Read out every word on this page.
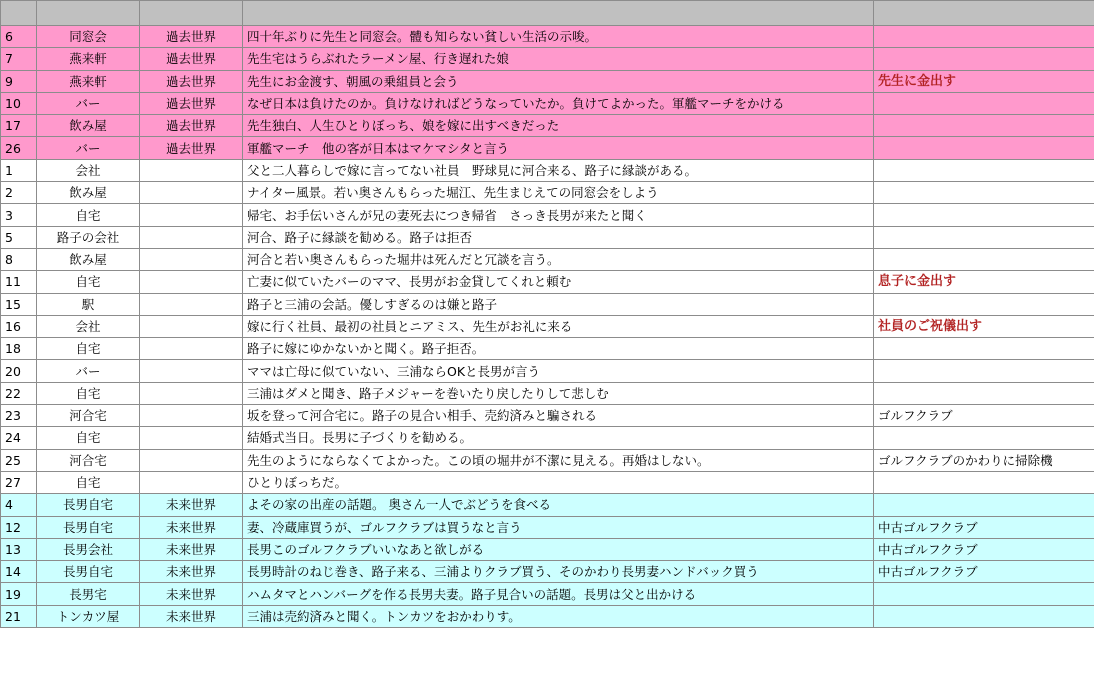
6	同窓会	過去世界	四十年ぶりに先生と同窓会。體も知らない貧しい生活の示唆。	
7	燕来軒	過去世界	先生宅はうらぶれたラーメン屋、行き遅れた娘	
9	燕来軒	過去世界	先生にお金渡す、朝風の乗組員と会う	先生に金出す
10	バー	過去世界	なぜ日本は負けたのか。負けなければどうなっていたか。負けてよかった。軍艦マーチをかける	
17	飲み屋	過去世界	先生独白、人生ひとりぼっち、娘を嫁に出すべきだった	
26	バー	過去世界	軍艦マーチ　他の客が日本はマケマシタと言う	
1	会社		父と二人暮らしで嫁に言ってない社員　野球見に河合来る、路子に縁談がある。	
2	飲み屋		ナイター風景。若い奥さんもらった堀江、先生まじえての同窓会をしよう	
3	自宅		帰宅、お手伝いさんが兄の妻死去につき帰省　さっき長男が来たと聞く	
5	路子の会社		河合、路子に縁談を勧める。路子は拒否	
8	飲み屋		河合と若い奥さんもらった堀井は死んだと冗談を言う。	
11	自宅		亡妻に似ていたバーのママ、長男がお金貸してくれと頼む	息子に金出す
15	駅		路子と三浦の会話。優しすぎるのは嫌と路子	
16	会社		嫁に行く社員、最初の社員とニアミス、先生がお礼に来る	社員のご祝儀出す
18	自宅		路子に嫁にゆかないかと聞く。路子拒否。	
20	バー		ママは亡母に似ていない、三浦ならOKと長男が言う	
22	自宅		三浦はダメと聞き、路子メジャーを巻いたり戻したりして悲しむ	
23	河合宅		坂を登って河合宅に。路子の見合い相手、売約済みと騙される	ゴルフクラブ
24	自宅		結婚式当日。長男に子づくりを勧める。	
25	河合宅		先生のようにならなくてよかった。この頃の堀井が不潔に見える。再婚はしない。	ゴルフクラブのかわりに掃除機
27	自宅		ひとりぼっちだ。	
4	長男自宅	未来世界	よその家の出産の話題。 奥さん一人でぶどうを食べる	
12	長男自宅	未来世界	妻、冷蔵庫買うが、ゴルフクラブは買うなと言う	中古ゴルフクラブ
13	長男会社	未来世界	長男このゴルフクラブいいなあと欲しがる	中古ゴルフクラブ
14	長男自宅	未来世界	長男時計のねじ巻き、路子来る、三浦よりクラブ買う、そのかわり長男妻ハンドバック買う	中古ゴルフクラブ
19	長男宅	未来世界	ハムタマとハンバーグを作る長男夫妻。路子見合いの話題。長男は父と出かける	
21	トンカツ屋	未来世界	三浦は売約済みと聞く。トンカツをおかわりす。	
